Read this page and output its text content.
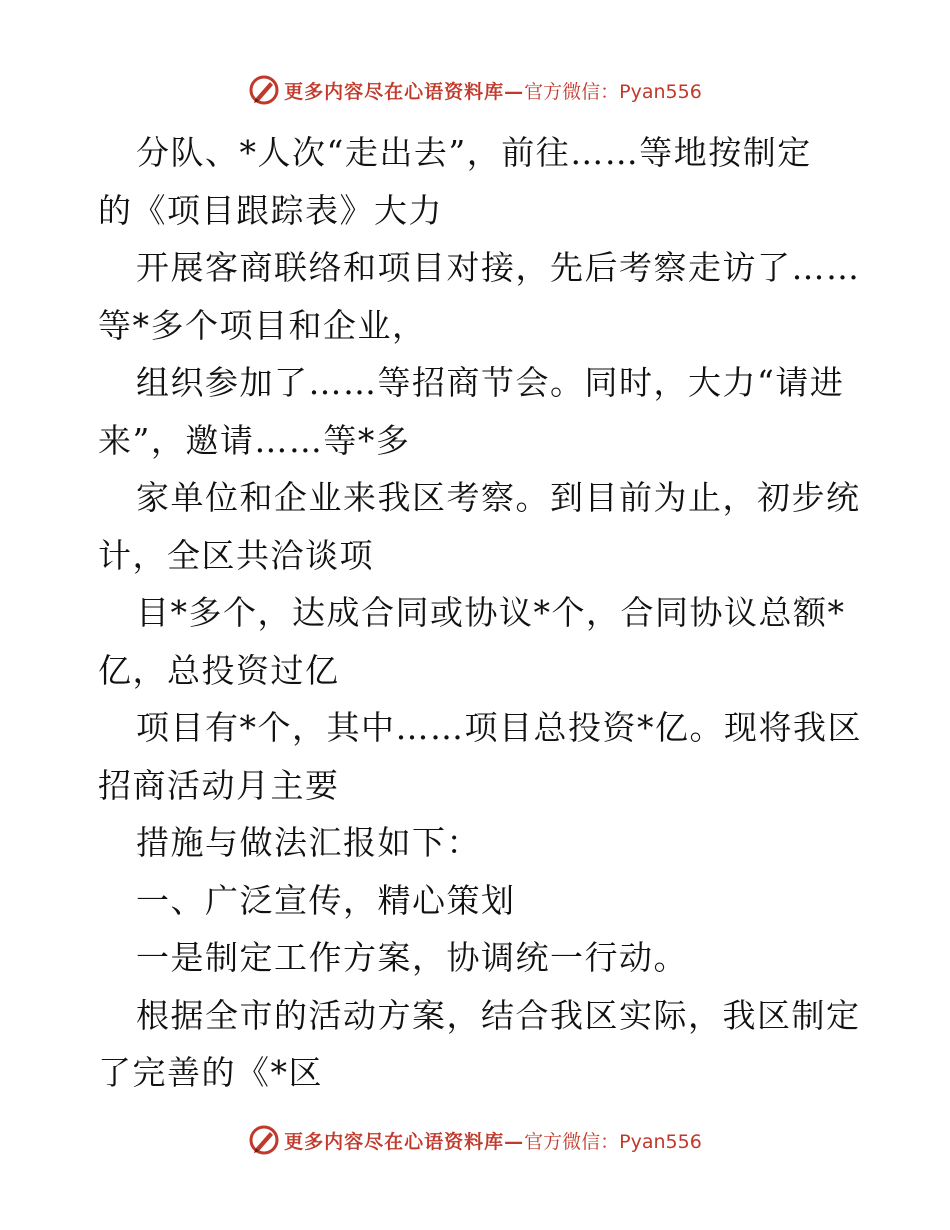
更多内容尽在心语资料库— 官方微信：Pyan556

分队、*人次“走出去”，前往……等地按制定

的《项目跟踪表》大力

开展客商联络和项目对接，先后考察走访了……

等*多个项目和企业，

组织参加了……等招商节会。同时，大力“请进

来”，邀请……等*多

家单位和企业来我区考察。到目前为止，初步统

计，全区共洽谈项

目*多个，达成合同或协议*个，合同协议总额*

亿，总投资过亿

项目有*个，其中……项目总投资*亿。现将我区

招商活动月主要

措施与做法汇报如下：

一、广泛宣传，精心策划

一是制定工作方案，协调统一行动。

根据全市的活动方案，结合我区实际，我区制定

了完善的《*区

更多内容尽在心语资料库— 官方微信：Pyan556
